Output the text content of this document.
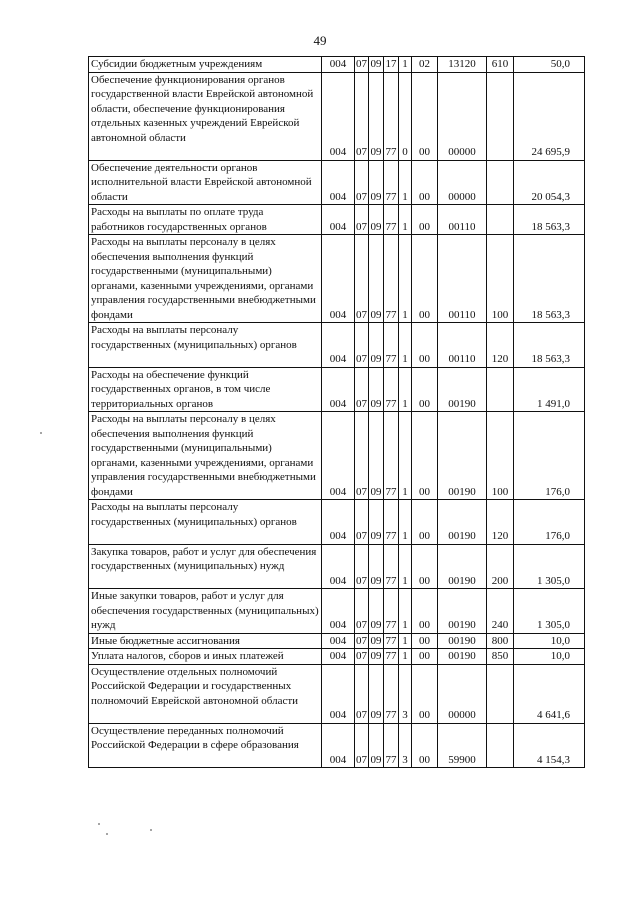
49
Субсидии бюджетным учреждениям	004	07	09	17	1	02	13120	610	50,0

Обеспечение функционирования органов государственной власти Еврейской автономной области, обеспечение функционирования отдельных казенных учреждений Еврейской автономной области	004	07	09	77	0	00	00000		24 695,9

Обеспечение деятельности органов исполнительной власти Еврейской автономной области	004	07	09	77	1	00	00000		20 054,3

Расходы на выплаты по оплате труда работников государственных органов	004	07	09	77	1	00	00110		18 563,3

Расходы на выплаты персоналу в целях обеспечения выполнения функций государственными (муниципальными) органами, казенными учреждениями, органами управления государственными внебюджетными фондами	004	07	09	77	1	00	00110	100	18 563,3

Расходы на выплаты персоналу государственных (муниципальных) органов	004	07	09	77	1	00	00110	120	18 563,3

Расходы на обеспечение функций государственных органов, в том числе территориальных органов	004	07	09	77	1	00	00190		1 491,0

Расходы на выплаты персоналу в целях обеспечения выполнения функций государственными (муниципальными) органами, казенными учреждениями, органами управления государственными внебюджетными фондами	004	07	09	77	1	00	00190	100	176,0

Расходы на выплаты персоналу государственных (муниципальных) органов	004	07	09	77	1	00	00190	120	176,0

Закупка товаров, работ и услуг для обеспечения государственных (муниципальных) нужд	004	07	09	77	1	00	00190	200	1 305,0

Иные закупки товаров, работ и услуг для обеспечения государственных (муниципальных) нужд	004	07	09	77	1	00	00190	240	1 305,0

Иные бюджетные ассигнования	004	07	09	77	1	00	00190	800	10,0

Уплата налогов, сборов и иных платежей	004	07	09	77	1	00	00190	850	10,0

Осуществление отдельных полномочий Российской Федерации и государственных полномочий Еврейской автономной области	004	07	09	77	3	00	00000		4 641,6

Осуществление переданных полномочий Российской Федерации в сфере образования	004	07	09	77	3	00	59900		4 154,3
